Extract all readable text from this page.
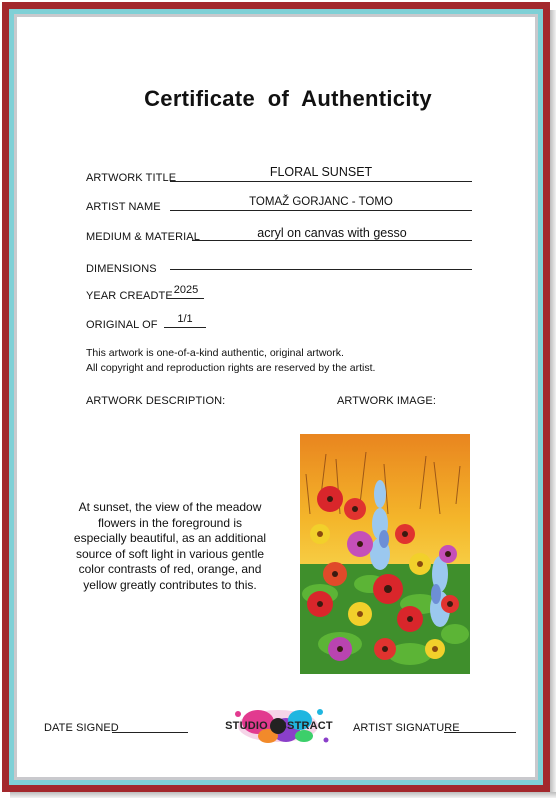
Certificate  of  Authenticity
ARTWORK TITLE	FLORAL SUNSET
ARTIST NAME	TOMAŽ GORJANC - TOMO
MEDIUM & MATERIAL	acryl on canvas with gesso
DIMENSIONS
YEAR CREADTE 2025
ORIGINAL OF	1/1
This artwork is one-of-a-kind authentic, original artwork.
All copyright and reproduction rights are reserved by the artist.
ARTWORK DESCRIPTION:	ARTWORK IMAGE:
At sunset, the view of the meadow flowers in the foreground is especially beautiful, as an additional source of soft light in various gentle color contrasts of red, orange, and yellow greatly contributes to this.
DATE SIGNED	STUDIO ABSTRACT	ARTIST SIGNATURE
